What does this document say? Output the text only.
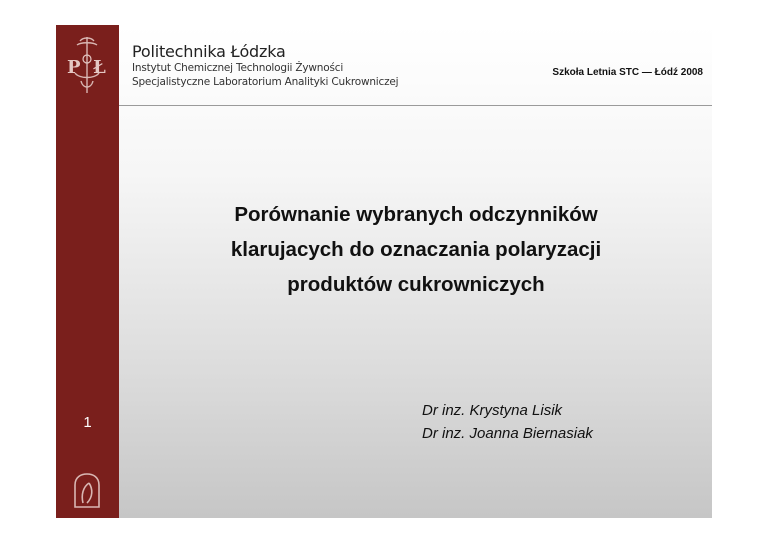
P Ł
1
Politechnika Łódzka
Instytut Chemicznej Technologii Żywności
Specjalistyczne Laboratorium Analityki Cukrowniczej
Szkoła Letnia STC — Łódź 2008
Porównanie wybranych odczynników
klarujacych do oznaczania polaryzacji
produktów cukrowniczych
Dr inz. Krystyna Lisik
Dr inz. Joanna Biernasiak
